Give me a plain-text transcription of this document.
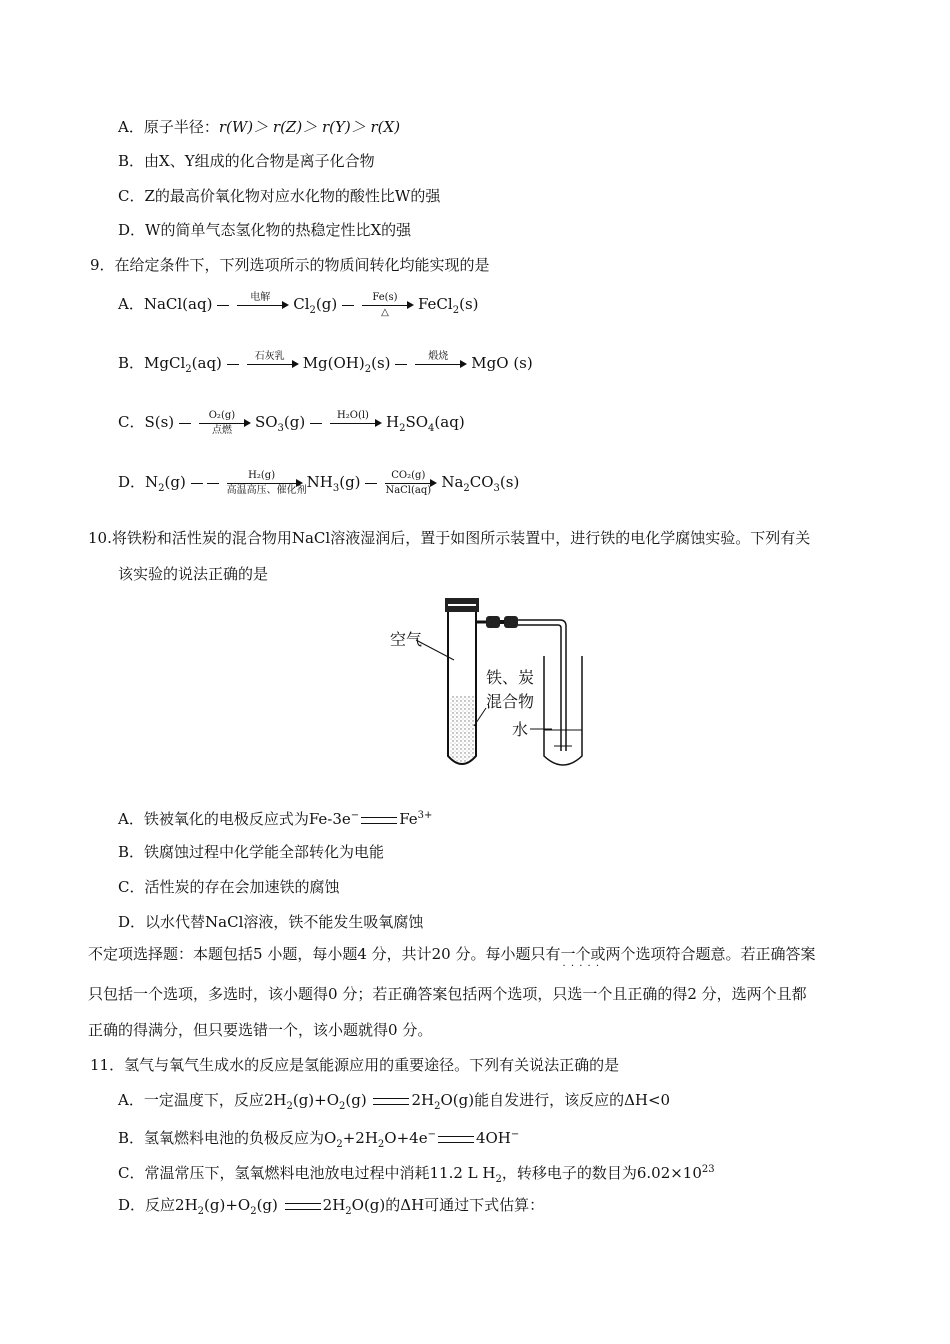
A．原子半径：r(W)＞ r(Z)＞ r(Y)＞ r(X)
B．由X、Y组成的化合物是离子化合物
C．Z的最高价氧化物对应水化物的酸性比W的强
D．W的简单气态氢化物的热稳定性比X的强
9．在给定条件下，下列选项所示的物质间转化均能实现的是
A．NaCl(aq)	电解	$Cl_2(g)$	Fe(s)
△	FeCl$_2$(s)
B．MgCl$_2$(aq)	石灰乳	$Mg(OH)_2(s)$	煅烧	MgO (s)
C．S(s)	O₂(g)
点燃	$SO_3(g)$	H₂O(l)	$H_2SO_4(aq)$
D．$N_2(g)$	H₂(g)
高温高压、催化剂 $NH_3(g)$	CO₂(g)
NaCl(aq) $Na_2CO_3(s)$
10.将铁粉和活性炭的混合物用NaCl溶液湿润后，置于如图所示装置中，进行铁的电化学腐蚀实验。下列有关
该实验的说法正确的是
空气
铁、炭
混合物
水
A．铁被氧化的电极反应式为Fe-3e−	$Fe^{3+}$
B．铁腐蚀过程中化学能全部转化为电能
C．活性炭的存在会加速铁的腐蚀
D．以水代替NaCl溶液，铁不能发生吸氧腐蚀
不定项选择题：本题包括5 小题，每小题4 分，共计20 分。每小题只有一个或两个 · · ·选项符合题意。若正确答案
只包括一个选项，多选时，该小题得0 分；若正确答案包括两个选项，只选一个且正确的得2 分，选两个且都
正确的得满分，但只要选错一个，该小题就得0 分。
11．氢气与氧气生成水的反应是氢能源应用的重要途径。下列有关说法正确的是
A．一定温度下，反应$2H_2(g)+O_2(g)$	$2H_2O(g)$能自发进行，该反应的ΔH<0
B．氢氧燃料电池的负极反应为$O_2+2H_2O+4e^-$	4OH−
C．常温常压下，氢氧燃料电池放电过程中消耗11.2 L $H_2$，转移电子的数目为$6.02\times 10^{23}$
D．反应$2H_2(g)+O_2(g)$	$2H_2O(g)$的ΔH可通过下式估算：
